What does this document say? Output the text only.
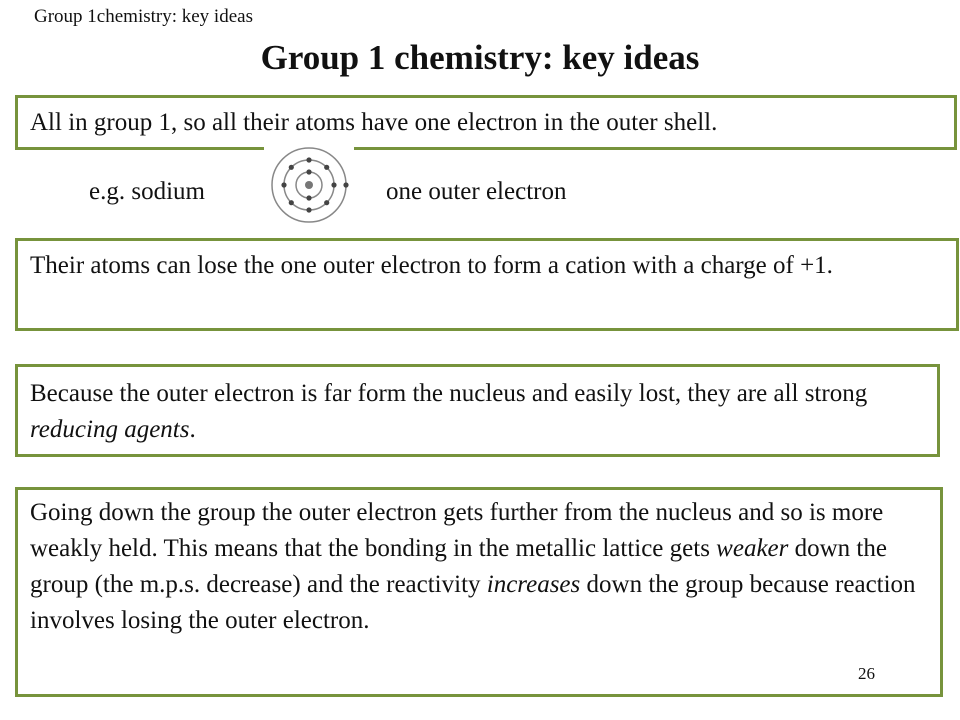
Group 1chemistry: key ideas
Group 1 chemistry: key ideas
All in group 1, so all their atoms have one electron in the outer shell.
e.g. sodium	one outer electron
Their atoms can lose the one outer electron to form a cation with a charge of +1.
Because the outer electron is far form the nucleus and easily lost, they are all strong reducing agents.
Going down the group the outer electron gets further from the nucleus and so is more weakly held. This means that the bonding in the metallic lattice gets weaker down the group (the m.p.s. decrease) and the reactivity increases down the group because reaction involves losing the outer electron.
26
